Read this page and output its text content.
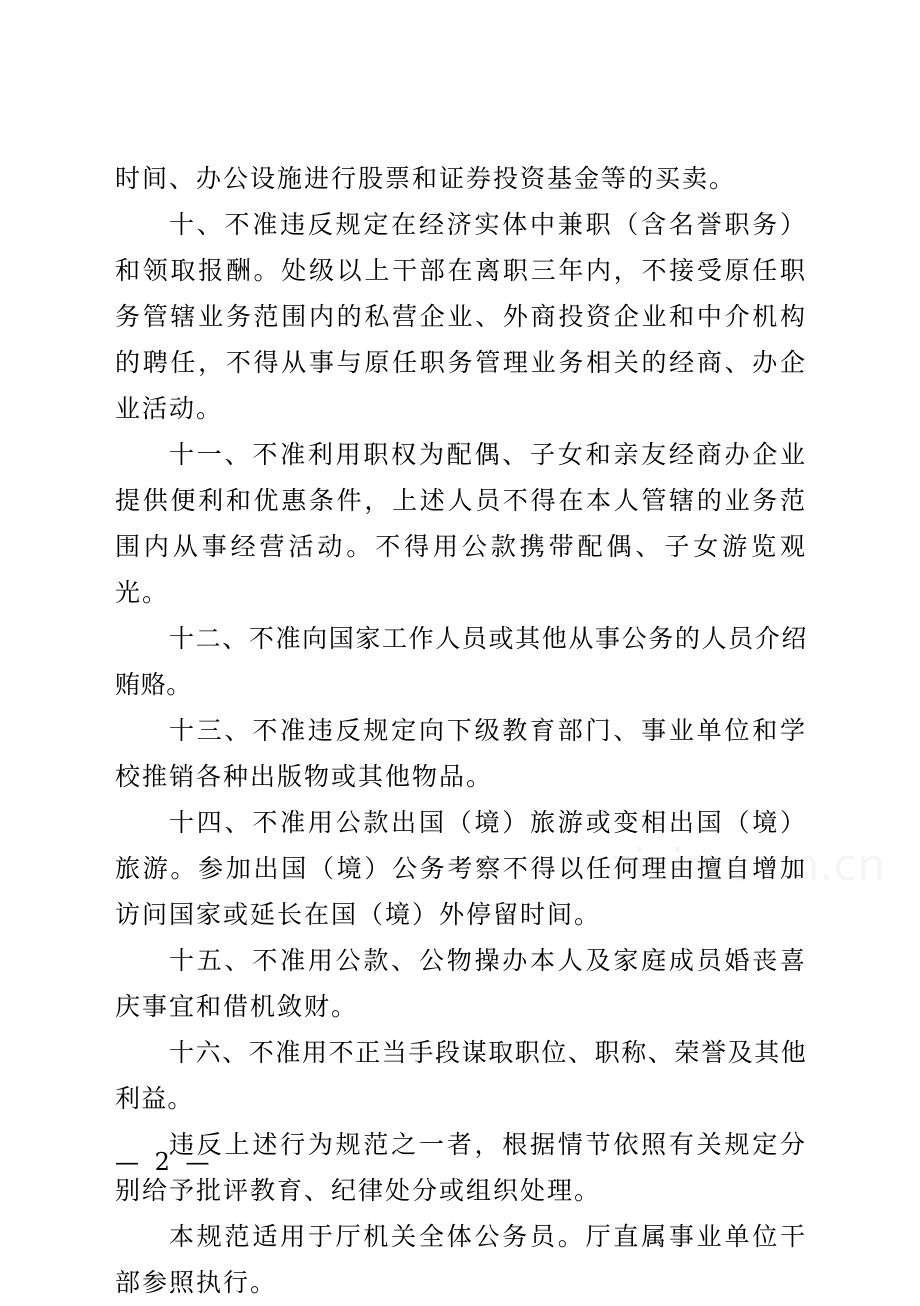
时间、办公设施进行股票和证券投资基金等的买卖。

十、不准违反规定在经济实体中兼职（含名誉职务）和领取报酬。处级以上干部在离职三年内，不接受原任职务管辖业务范围内的私营企业、外商投资企业和中介机构的聘任，不得从事与原任职务管理业务相关的经商、办企业活动。

十一、不准利用职权为配偶、子女和亲友经商办企业提供便利和优惠条件，上述人员不得在本人管辖的业务范围内从事经营活动。不得用公款携带配偶、子女游览观光。

十二、不准向国家工作人员或其他从事公务的人员介绍贿赂。

十三、不准违反规定向下级教育部门、事业单位和学校推销各种出版物或其他物品。

十四、不准用公款出国（境）旅游或变相出国（境）旅游。参加出国（境）公务考察不得以任何理由擅自增加访问国家或延长在国（境）外停留时间。

十五、不准用公款、公物操办本人及家庭成员婚丧喜庆事宜和借机敛财。

十六、不准用不正当手段谋取职位、职称、荣誉及其他利益。

违反上述行为规范之一者，根据情节依照有关规定分别给予批评教育、纪律处分或组织处理。

本规范适用于厅机关全体公务员。厅直属事业单位干部参照执行。

— 2 —
